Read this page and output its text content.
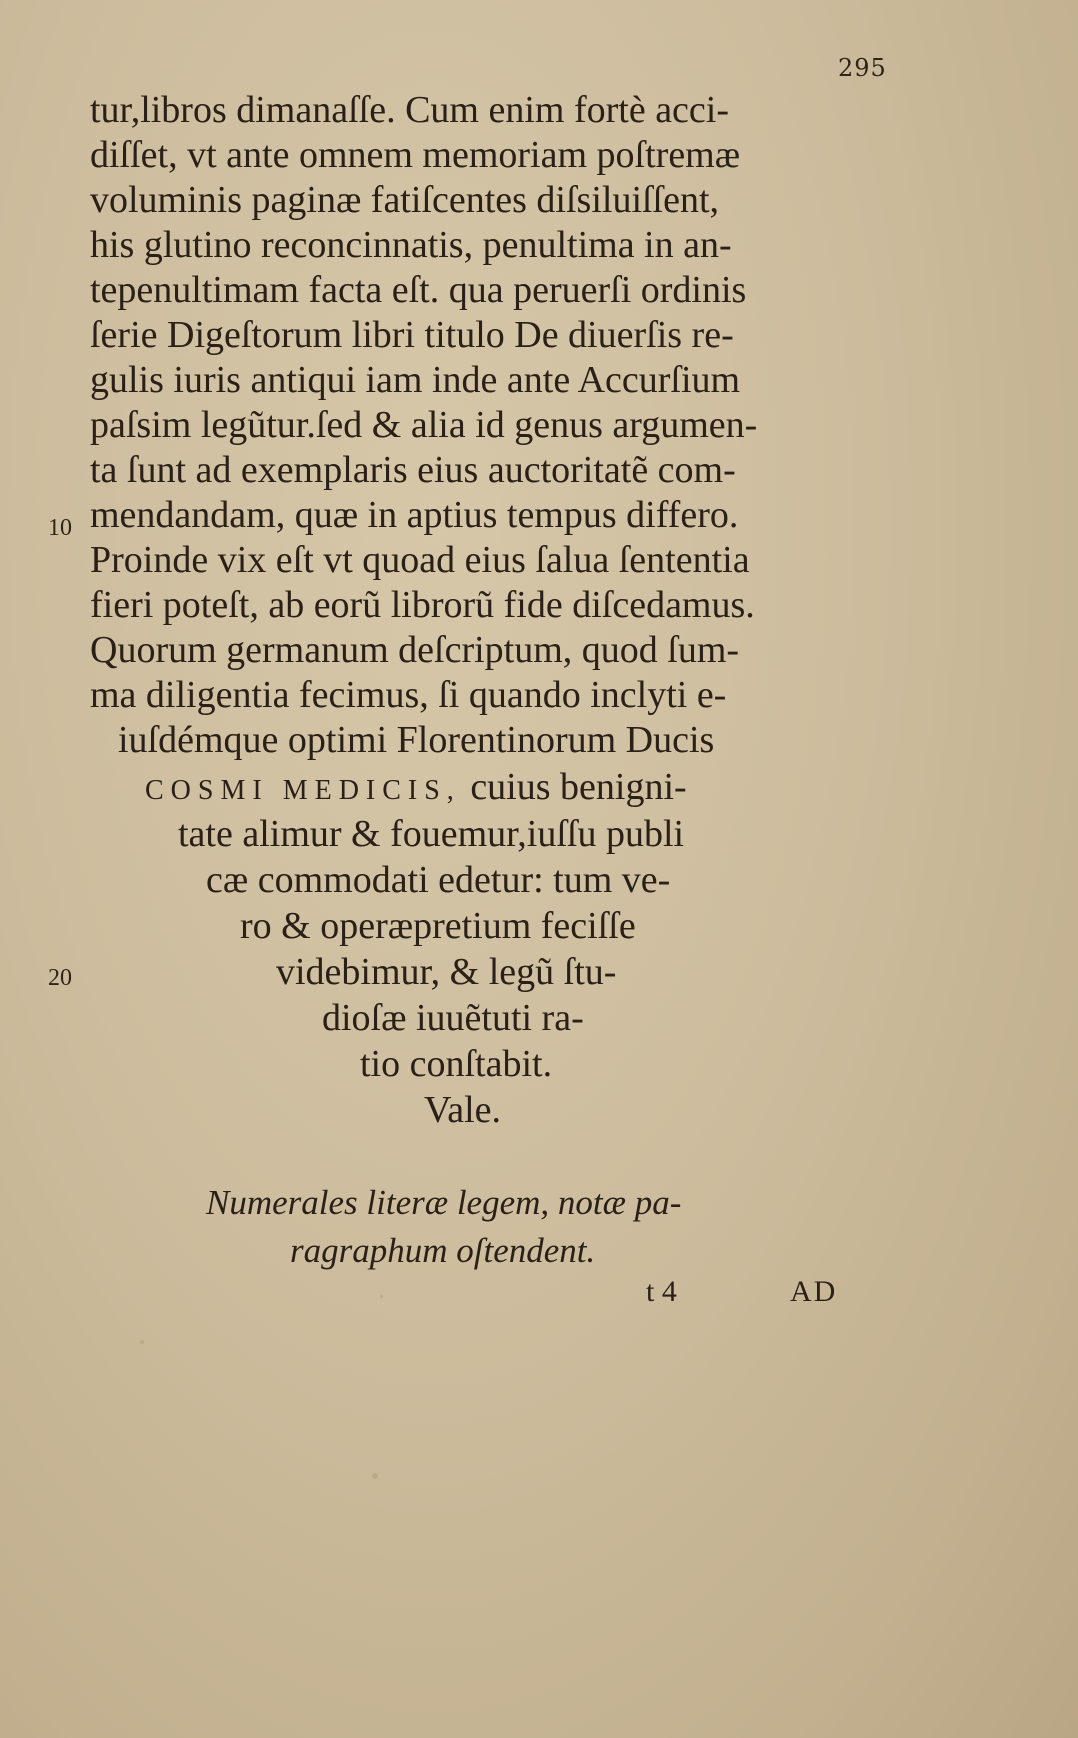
295
tur,libros dimanaſſe. Cum enim fortè acci-
diſſet, vt ante omnem memoriam poſtremæ
voluminis paginæ fatiſcentes diſsiluiſſent,
his glutino reconcinnatis, penultima in an-
tepenultimam facta eſt. qua peruerſi ordinis
ſerie Digeſtorum libri titulo De diuerſis re-
gulis iuris antiqui iam inde ante Accurſium
paſsim legũtur.ſed & alia id genus argumen-
ta ſunt ad exemplaris eius auctoritatẽ com-
10 mendandam, quæ in aptius tempus differo.
Proinde vix eſt vt quoad eius ſalua ſententia
fieri poteſt, ab eorũ librorũ fide diſcedamus.
Quorum germanum deſcriptum, quod ſum-
ma diligentia fecimus, ſi quando inclyti e-
iuſdémque optimi Florentinorum Ducis
COSMI MEDICIS, cuius benigni-
tate alimur & fouemur,iuſſu publi
cæ commodati edetur: tum ve-
ro & operæpretium feciſſe
20	videbimur, & legũ ſtu-
dioſæ iuuẽtuti ra-
tio conſtabit.
Vale.
Numerales literæ legem, notæ pa-
ragraphum oſtendent.
t 4	AD
